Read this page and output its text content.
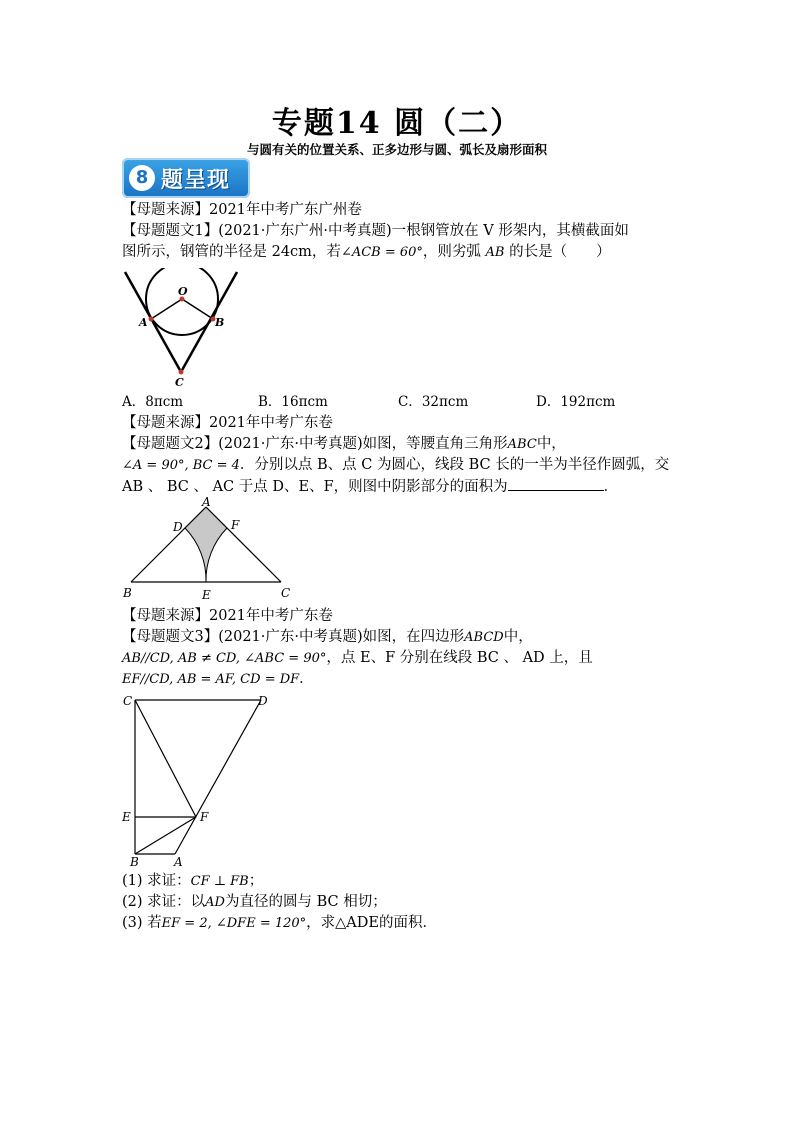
专题14 圆（二）
与圆有关的位置关系、正多边形与圆、弧长及扇形面积
8 题呈现
【母题来源】2021年中考广东广州卷
【母题题文1】(2021·广东广州·中考真题)一根钢管放在 V 形架内，其横截面如
图所示，钢管的半径是 24cm，若∠ACB = 60°，则劣弧 AB 的长是（　　）
O
A	B
C
A．8πcm	B．16πcm	C．32πcm	D．192πcm
【母题来源】2021年中考广东卷
【母题题文2】(2021·广东·中考真题)如图，等腰直角三角形ABC中，
∠A = 90°, BC = 4．分别以点 B、点 C 为圆心，线段 BC 长的一半为半径作圆弧，交
AB 、 BC 、 AC 于点 D、E、F，则图中阴影部分的面积为	．
A
D	F
B	E	C
【母题来源】2021年中考广东卷
【母题题文3】(2021·广东·中考真题)如图，在四边形ABCD中，
AB//CD, AB ≠ CD, ∠ABC = 90°，点 E、F 分别在线段 BC 、 AD 上，且
EF//CD, AB = AF, CD = DF．
C	D
E	F
B	A
(1) 求证：CF ⊥ FB；
(2) 求证：以AD为直径的圆与 BC 相切；
(3) 若EF = 2, ∠DFE = 120°，求△ADE的面积．
